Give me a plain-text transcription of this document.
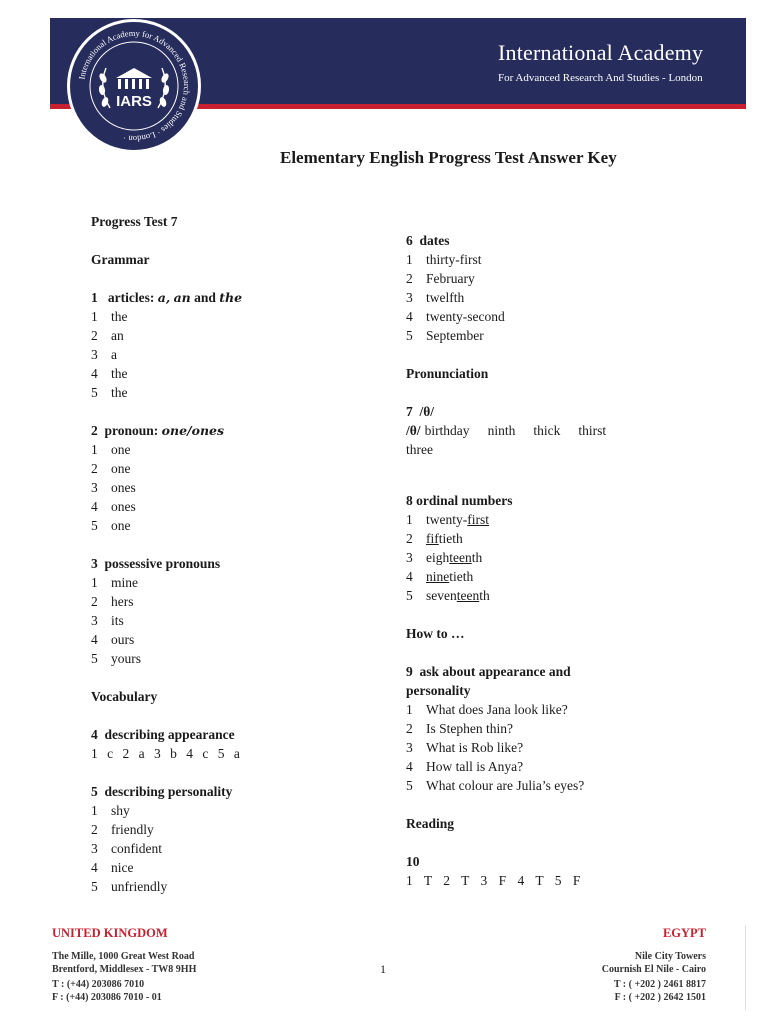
International Academy for Advanced Research and Studies · London ·
IARS
International Academy
For Advanced Research And Studies - London
Elementary English Progress Test Answer Key
Progress Test 7
Grammar
1 articles: a, an and the
1 the
2 an
3 a
4 the
5 the
2 pronoun: one/ones
1 one
2 one
3 ones
4 ones
5 one
3 possessive pronouns
1 mine
2 hers
3 its
4 ours
5 yours
Vocabulary
4 describing appearance
1 c 2 a 3 b 4 c 5 a
5 describing personality
1 shy
2 friendly
3 confident
4 nice
5 unfriendly
6 dates
1 thirty-first
2 February
3 twelfth
4 twenty-second
5 September
Pronunciation
7 /θ/
/θ/ birthday ninth thick thirst
three
8 ordinal numbers
1 twenty-first
2 fiftieth
3 eighteenth
4 ninetieth
5 seventeenth
How to …
9 ask about appearance and
personality
1 What does Jana look like?
2 Is Stephen thin?
3 What is Rob like?
4 How tall is Anya?
5 What colour are Julia’s eyes?
Reading
10
1 T 2 T 3 F 4 T 5 F
UNITED KINGDOM	EGYPT
The Mille, 1000 Great West Road
Brentford, Middlesex - TW8 9HH
Nile City Towers
Cournish El Nile - Cairo
T : (+44) 203086 7010
F : (+44) 203086 7010 - 01
T : ( +202 ) 2461 8817
F : ( +202 ) 2642 1501
1
